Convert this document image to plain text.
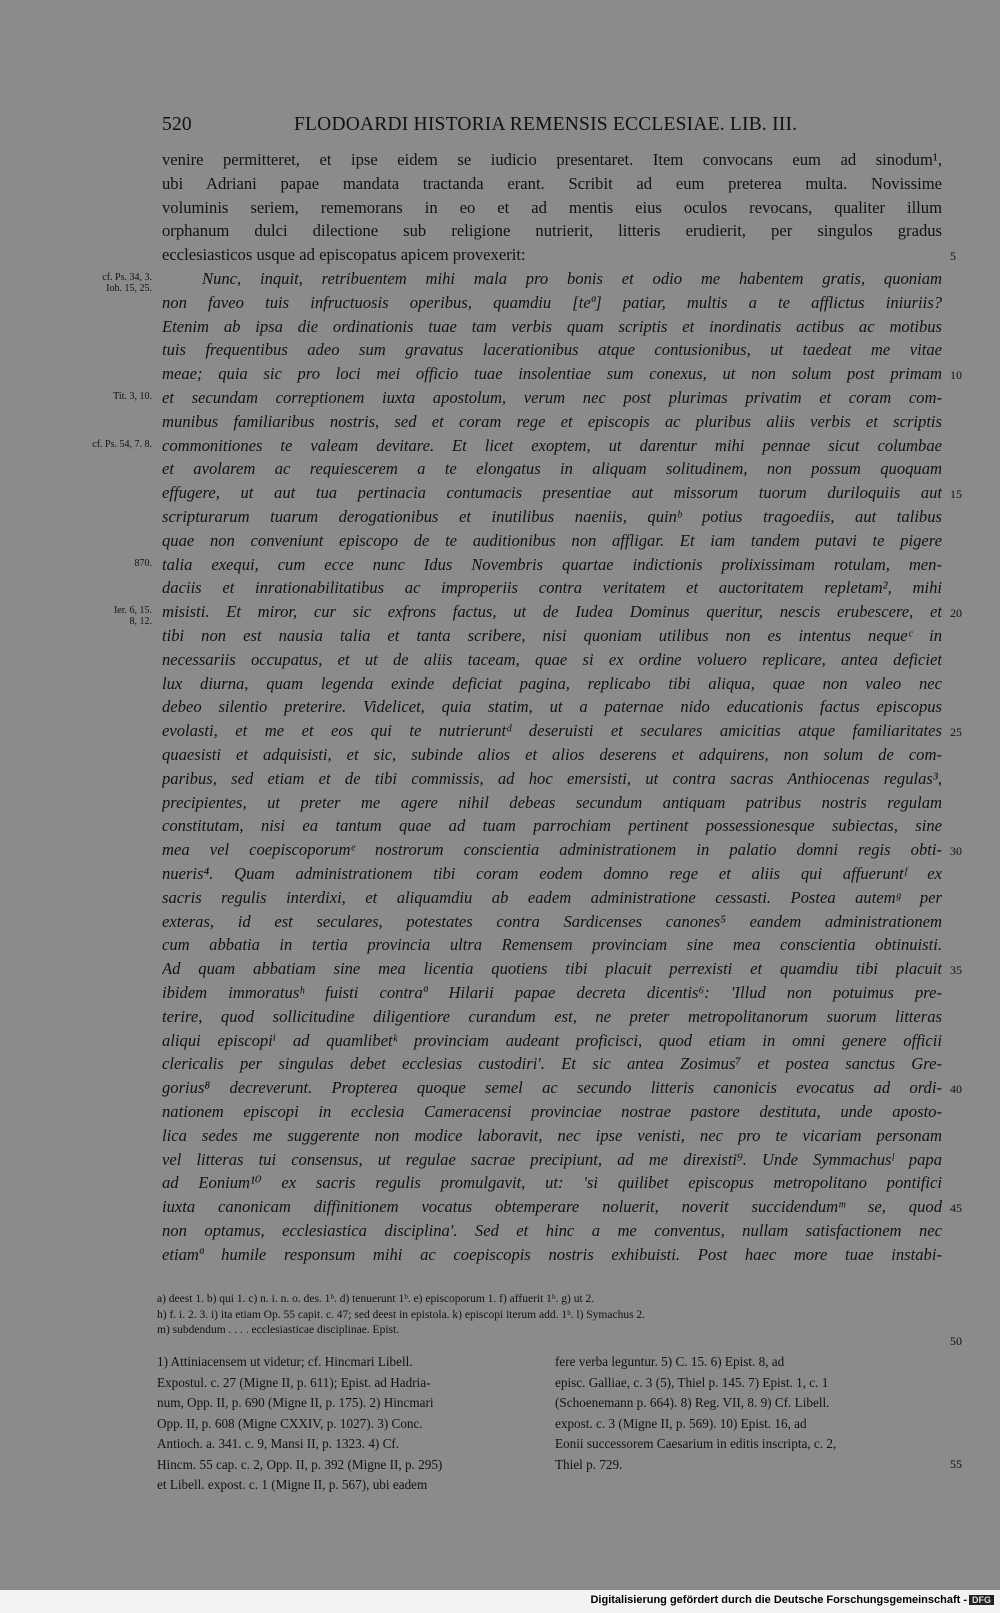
520	FLODOARDI HISTORIA REMENSIS ECCLESIAE. LIB. III.
venire permitteret, et ipse eidem se iudicio presentaret. Item convocans eum ad sinodum¹,
ubi Adriani papae mandata tractanda erant. Scribit ad eum preterea multa. Novissime
voluminis seriem, rememorans in eo et ad mentis eius oculos revocans, qualiter illum
orphanum dulci dilectione sub religione nutrierit, litteris erudierit, per singulos gradus
ecclesiasticos usque ad episcopatus apicem provexerit:
Nunc, inquit, retribuentem mihi mala pro bonis et odio me habentem gratis, quoniam
non faveo tuis infructuosis operibus, quamdiu [teª] patiar, multis a te afflictus iniuriis?
Etenim ab ipsa die ordinationis tuae tam verbis quam scriptis et inordinatis actibus ac motibus
tuis frequentibus adeo sum gravatus lacerationibus atque contusionibus, ut taedeat me vitae
meae; quia sic pro loci mei officio tuae insolentiae sum conexus, ut non solum post primam
et secundam correptionem iuxta apostolum, verum nec post plurimas privatim et coram com-
munibus familiaribus nostris, sed et coram rege et episcopis ac pluribus aliis verbis et scriptis
commonitiones te valeam devitare. Et licet exoptem, ut darentur mihi pennae sicut columbae
et avolarem ac requiescerem a te elongatus in aliquam solitudinem, non possum quoquam
effugere, ut aut tua pertinacia contumacis presentiae aut missorum tuorum duriloquiis aut
scripturarum tuarum derogationibus et inutilibus naeniis, quinᵇ potius tragoediis, aut talibus
quae non conveniunt episcopo de te auditionibus non affligar. Et iam tandem putavi te pigere
talia exequi, cum ecce nunc Idus Novembris quartae indictionis prolixissimam rotulam, men-
daciis et inrationabilitatibus ac improperiis contra veritatem et auctoritatem repletam², mihi
misisti. Et miror, cur sic exfrons factus, ut de Iudea Dominus queritur, nescis erubescere, et
tibi non est nausia talia et tanta scribere, nisi quoniam utilibus non es intentus nequeᶜ in
necessariis occupatus, et ut de aliis taceam, quae si ex ordine voluero replicare, antea deficiet
lux diurna, quam legenda exinde deficiat pagina, replicabo tibi aliqua, quae non valeo nec
debeo silentio preterire. Videlicet, quia statim, ut a paternae nido educationis factus episcopus
evolasti, et me et eos qui te nutrieruntᵈ deseruisti et seculares amicitias atque familiaritates
quaesisti et adquisisti, et sic, subinde alios et alios deserens et adquirens, non solum de com-
paribus, sed etiam et de tibi commissis, ad hoc emersisti, ut contra sacras Anthiocenas regulas³,
precipientes, ut preter me agere nihil debeas secundum antiquam patribus nostris regulam
constitutam, nisi ea tantum quae ad tuam parrochiam pertinent possessionesque subiectas, sine
mea vel coepiscoporumᵉ nostrorum conscientia administrationem in palatio domni regis obti-
nueris⁴. Quam administrationem tibi coram eodem domno rege et aliis qui affueruntᶠ ex
sacris regulis interdixi, et aliquamdiu ab eadem administratione cessasti. Postea autemᵍ per
exteras, id est seculares, potestates contra Sardicenses canones⁵ eandem administrationem
cum abbatia in tertia provincia ultra Remensem provinciam sine mea conscientia obtinuisti.
Ad quam abbatiam sine mea licentia quotiens tibi placuit perrexisti et quamdiu tibi placuit
ibidem immoratusʰ fuisti contraª Hilarii papae decreta dicentis⁶: 'Illud non potuimus pre-
terire, quod sollicitudine diligentiore curandum est, ne preter metropolitanorum suorum litteras
aliqui episcopiⁱ ad quamlibetᵏ provinciam audeant proficisci, quod etiam in omni genere officii
clericalis per singulas debet ecclesias custodiri'. Et sic antea Zosimus⁷ et postea sanctus Gre-
gorius⁸ decreverunt. Propterea quoque semel ac secundo litteris canonicis evocatus ad ordi-
nationem episcopi in ecclesia Cameracensi provinciae nostrae pastore destituta, unde aposto-
lica sedes me suggerente non modice laboravit, nec ipse venisti, nec pro te vicariam personam
vel litteras tui consensus, ut regulae sacrae precipiunt, ad me direxisti⁹. Unde Symmachusˡ papa
ad Eonium¹⁰ ex sacris regulis promulgavit, ut: 'si quilibet episcopus metropolitano pontifici
iuxta canonicam diffinitionem vocatus obtemperare noluerit, noverit succidendumᵐ se, quod
non optamus, ecclesiastica disciplina'. Sed et hinc a me conventus, nullam satisfactionem nec
etiamª humile responsum mihi ac coepiscopis nostris exhibuisti. Post haec more tuae instabi-
5
10
15
20
25
30
35
40
45
cf. Ps. 34, 3.
Ioh. 15, 25.
Tit. 3, 10.
cf. Ps. 54, 7. 8.
870.
Ier. 6, 15.
8, 12.
a) deest 1. b) qui 1. c) n. i. n. o. des. 1ᵇ. d) tenuerunt 1ᵇ. e) episcoporum 1. f) affuerit 1ᵇ. g) ut 2.
h) f. i. 2. 3. i) ita etiam Op. 55 capit. c. 47; sed deest in epistola. k) episcopi iterum add. 1ᵇ. l) Symachus 2.
m) subdendum . . . . ecclesiasticae disciplinae. Epist.
50
1) Attiniacensem ut videtur; cf. Hincmari Libell.
Expostul. c. 27 (Migne II, p. 611); Epist. ad Hadria-
num, Opp. II, p. 690 (Migne II, p. 175). 2) Hincmari
Opp. II, p. 608 (Migne CXXIV, p. 1027). 3) Conc.
Antioch. a. 341. c. 9, Mansi II, p. 1323. 4) Cf.
Hincm. 55 cap. c. 2, Opp. II, p. 392 (Migne II, p. 295)
et Libell. expost. c. 1 (Migne II, p. 567), ubi eadem
fere verba leguntur. 5) C. 15. 6) Epist. 8, ad
episc. Galliae, c. 3 (5), Thiel p. 145. 7) Epist. 1, c. 1
(Schoenemann p. 664). 8) Reg. VII, 8. 9) Cf. Libell.
expost. c. 3 (Migne II, p. 569). 10) Epist. 16, ad
Eonii successorem Caesarium in editis inscripta, c. 2,
Thiel p. 729.	55
Digitalisierung gefördert durch die Deutsche Forschungsgemeinschaft - DFG
